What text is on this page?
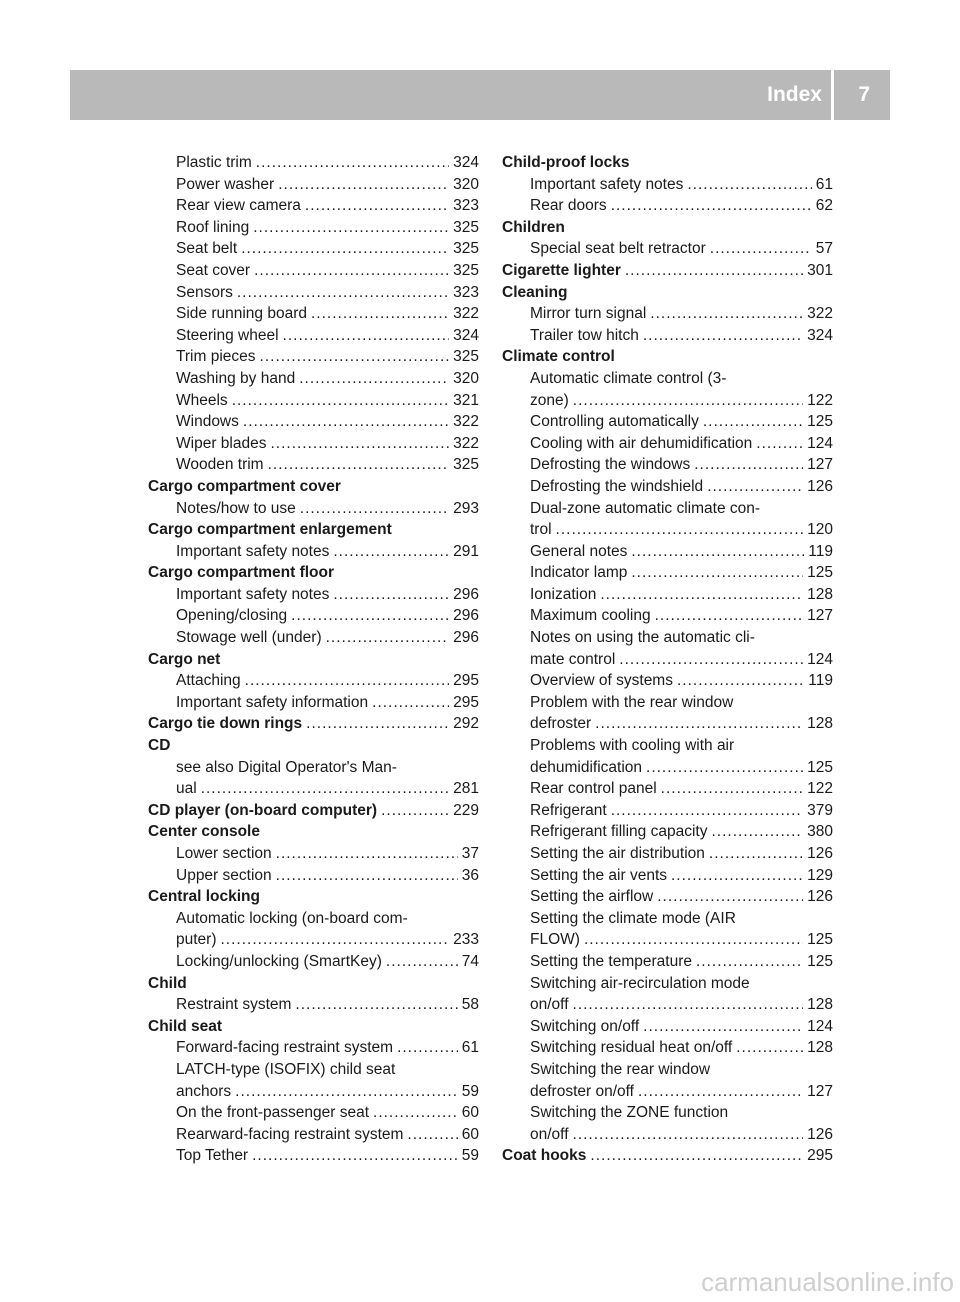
Index 7
Plastic trim .....	324
Power washer .....	320
Rear view camera .....	323
Roof lining .....	325
Seat belt .....	325
Seat cover .....	325
Sensors .....	323
Side running board .....	322
Steering wheel .....	324
Trim pieces .....	325
Washing by hand .....	320
Wheels .....	321
Windows .....	322
Wiper blades .....	322
Wooden trim .....	325
Cargo compartment cover
Notes/how to use .....	293
Cargo compartment enlargement
Important safety notes .....	291
Cargo compartment floor
Important safety notes .....	296
Opening/closing .....	296
Stowage well (under) .....	296
Cargo net
Attaching .....	295
Important safety information .....	295
Cargo tie down rings .....	292
CD
see also Digital Operator's Man-
ual .....	281
CD player (on-board computer) .....	229
Center console
Lower section .....	37
Upper section .....	36
Central locking
Automatic locking (on-board com-
puter) .....	233
Locking/unlocking (SmartKey) .....	74
Child
Restraint system .....	58
Child seat
Forward-facing restraint system .....	61
LATCH-type (ISOFIX) child seat
anchors .....	59
On the front-passenger seat .....	60
Rearward-facing restraint system .....	60
Top Tether .....	59
Child-proof locks
Important safety notes .....	61
Rear doors .....	62
Children
Special seat belt retractor .....	57
Cigarette lighter .....	301
Cleaning
Mirror turn signal .....	322
Trailer tow hitch .....	324
Climate control
Automatic climate control (3-
zone) .....	122
Controlling automatically .....	125
Cooling with air dehumidification .....	124
Defrosting the windows .....	127
Defrosting the windshield .....	126
Dual-zone automatic climate con-
trol .....	120
General notes .....	119
Indicator lamp .....	125
Ionization .....	128
Maximum cooling .....	127
Notes on using the automatic cli-
mate control .....	124
Overview of systems .....	119
Problem with the rear window
defroster .....	128
Problems with cooling with air
dehumidification .....	125
Rear control panel .....	122
Refrigerant .....	379
Refrigerant filling capacity .....	380
Setting the air distribution .....	126
Setting the air vents .....	129
Setting the airflow .....	126
Setting the climate mode (AIR
FLOW) .....	125
Setting the temperature .....	125
Switching air-recirculation mode
on/off .....	128
Switching on/off .....	124
Switching residual heat on/off .....	128
Switching the rear window
defroster on/off .....	127
Switching the ZONE function
on/off .....	126
Coat hooks .....	295
carmanualsonline.info
